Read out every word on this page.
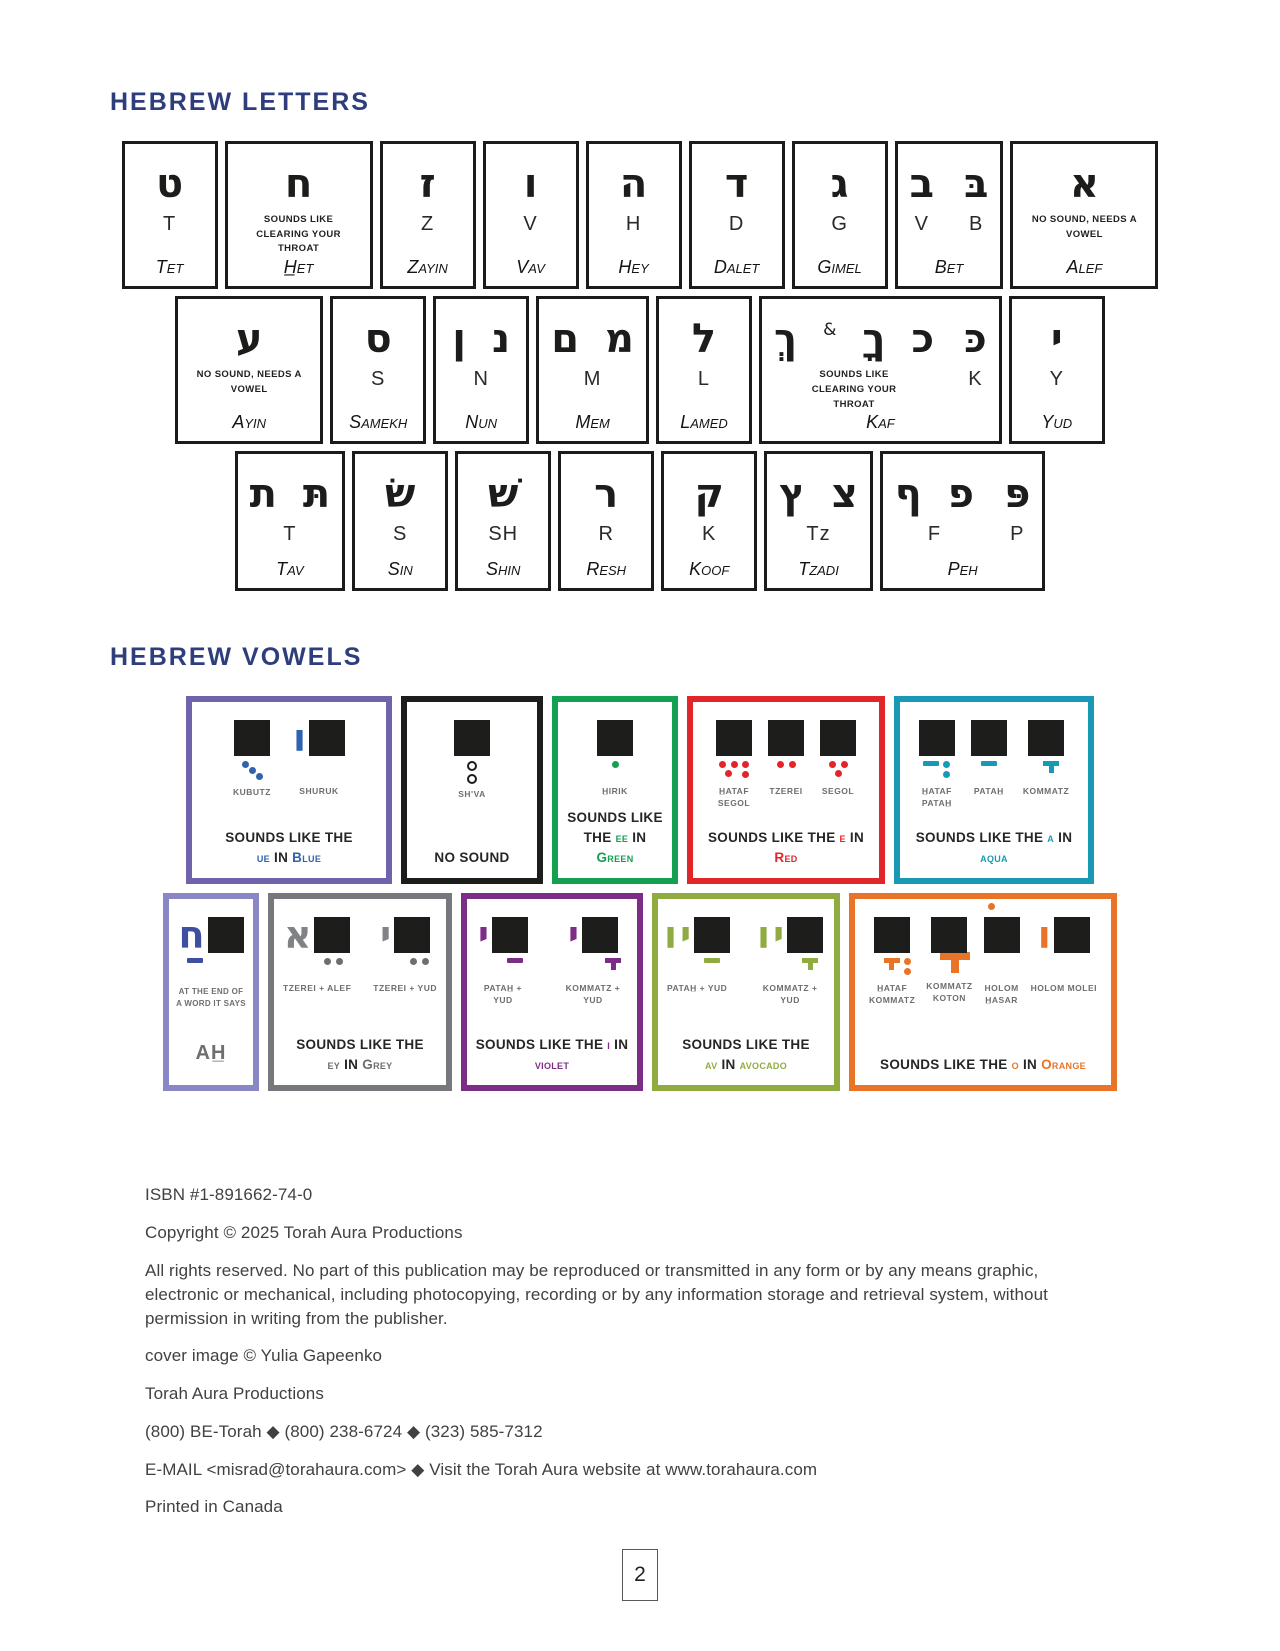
HEBREW LETTERS
ט
T
Tet
ח
SOUNDS LIKE CLEARING YOUR THROAT
H̲et
ז
Z
Zayin
ו
V
Vav
ה
H
Hey
ד
D
Dalet
ג
G
Gimel
ב
V
בּ
B
Bet
א
NO SOUND, NEEDS A VOWEL
Alef
ע
NO SOUND, NEEDS A VOWEL
Ayin
ס
S
Samekh
ן נ
N
Nun
ם מ
M
Mem
ל
L
Lamed
ךְ & ךָ כ
SOUNDS LIKE CLEARING YOUR THROAT
כּ
K
Kaf
י
Y
Yud
ת תּ
T
Tav
שׂ
S
Sin
שׁ
SH
Shin
ר
R
Resh
ק
K
Koof
ץ צ
Tz
Tzadi
ף פ
F
פּ
P
Peh
HEBREW VOWELS
KUBUTZ
ו
SHURUK
SOUNDS LIKE THE
ue IN Blue
SH'VA
NO SOUND
H̲IRIK
SOUNDS LIKE
THE ee IN
Green
H̲ATAF
SEGOL
TZEREI SEGOL
SOUNDS LIKE THE e IN
Red
H̲ATAF
PATAH̲
PATAH̲ KOMMATZ
SOUNDS LIKE THE a IN
aqua
ח
AT THE END OF A WORD IT SAYS
AH̲
א
TZEREI + ALEF
י
TZEREI + YUD
SOUNDS LIKE THE
ey IN Grey
י
PATAH̲ + YUD
י
KOMMATZ + YUD
SOUNDS LIKE THE i IN
violet
ו י
PATAH̲ + YUD
ו י
KOMMATZ + YUD
SOUNDS LIKE THE
av IN avocado
H̲ATAF
KOMMATZ
KOMMATZ
KOTON
HOLOM
H̲ASAR
ו
HOLOM MOLEI
SOUNDS LIKE THE o IN Orange

ISBN #1-891662-74-0

Copyright © 2025 Torah Aura Productions

All rights reserved. No part of this publication may be reproduced or transmitted in any form or by any means graphic, electronic or mechanical, including photocopying, recording or by any information storage and retrieval system, without permission in writing from the publisher.

cover image © Yulia Gapeenko

Torah Aura Productions

(800) BE-Torah ◆ (800) 238-6724 ◆ (323) 585-7312

E-MAIL <misrad@torahaura.com> ◆ Visit the Torah Aura website at www.torahaura.com

Printed in Canada

2
